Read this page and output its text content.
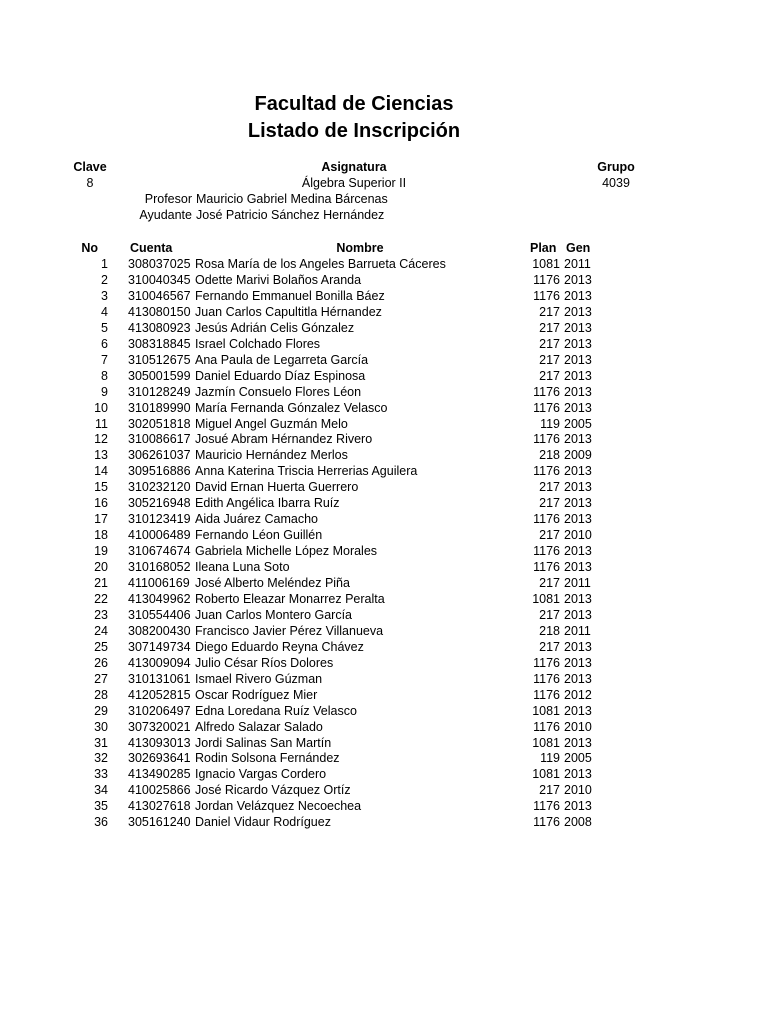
Facultad de Ciencias
Listado de Inscripción
Clave
8
Asignatura
Álgebra Superior II
Grupo
4039
Profesor Mauricio Gabriel Medina Bárcenas
Ayudante José Patricio Sánchez Hernández
No	Cuenta	Nombre	Plan Gen
1 308037025 Rosa María de los Angeles Barrueta Cáceres	1081 2011
2 310040345 Odette Marivi Bolaños Aranda	1176 2013
3 310046567 Fernando Emmanuel Bonilla Báez	1176 2013
4 413080150 Juan Carlos Capultitla Hérnandez	217 2013
5 413080923 Jesús Adrián Celis Gónzalez	217 2013
6 308318845 Israel Colchado Flores	217 2013
7 310512675 Ana Paula de Legarreta García	217 2013
8 305001599 Daniel Eduardo Díaz Espinosa	217 2013
9 310128249 Jazmín Consuelo Flores Léon	1176 2013
10 310189990 María Fernanda Gónzalez Velasco	1176 2013
11 302051818 Miguel Angel Guzmán Melo	119 2005
12 310086617 Josué Abram Hérnandez Rivero	1176 2013
13 306261037 Mauricio Hernández Merlos	218 2009
14 309516886 Anna Katerina Triscia Herrerias Aguilera	1176 2013
15 310232120 David Ernan Huerta Guerrero	217 2013
16 305216948 Edith Angélica Ibarra Ruíz	217 2013
17 310123419 Aida Juárez Camacho	1176 2013
18 410006489 Fernando Léon Guillén	217 2010
19 310674674 Gabriela Michelle López Morales	1176 2013
20 310168052 Ileana Luna Soto	1176 2013
21 411006169 José Alberto Meléndez Piña	217 2011
22 413049962 Roberto Eleazar Monarrez Peralta	1081 2013
23 310554406 Juan Carlos Montero García	217 2013
24 308200430 Francisco Javier Pérez Villanueva	218 2011
25 307149734 Diego Eduardo Reyna Chávez	217 2013
26 413009094 Julio César Ríos Dolores	1176 2013
27 310131061 Ismael Rivero Gúzman	1176 2013
28 412052815 Oscar Rodríguez Mier	1176 2012
29 310206497 Edna Loredana Ruíz Velasco	1081 2013
30 307320021 Alfredo Salazar Salado	1176 2010
31 413093013 Jordi Salinas San Martín	1081 2013
32 302693641 Rodin Solsona Fernández	119 2005
33 413490285 Ignacio Vargas Cordero	1081 2013
34 410025866 José Ricardo Vázquez Ortíz	217 2010
35 413027618 Jordan Velázquez Necoechea	1176 2013
36 305161240 Daniel Vidaur Rodríguez	1176 2008
